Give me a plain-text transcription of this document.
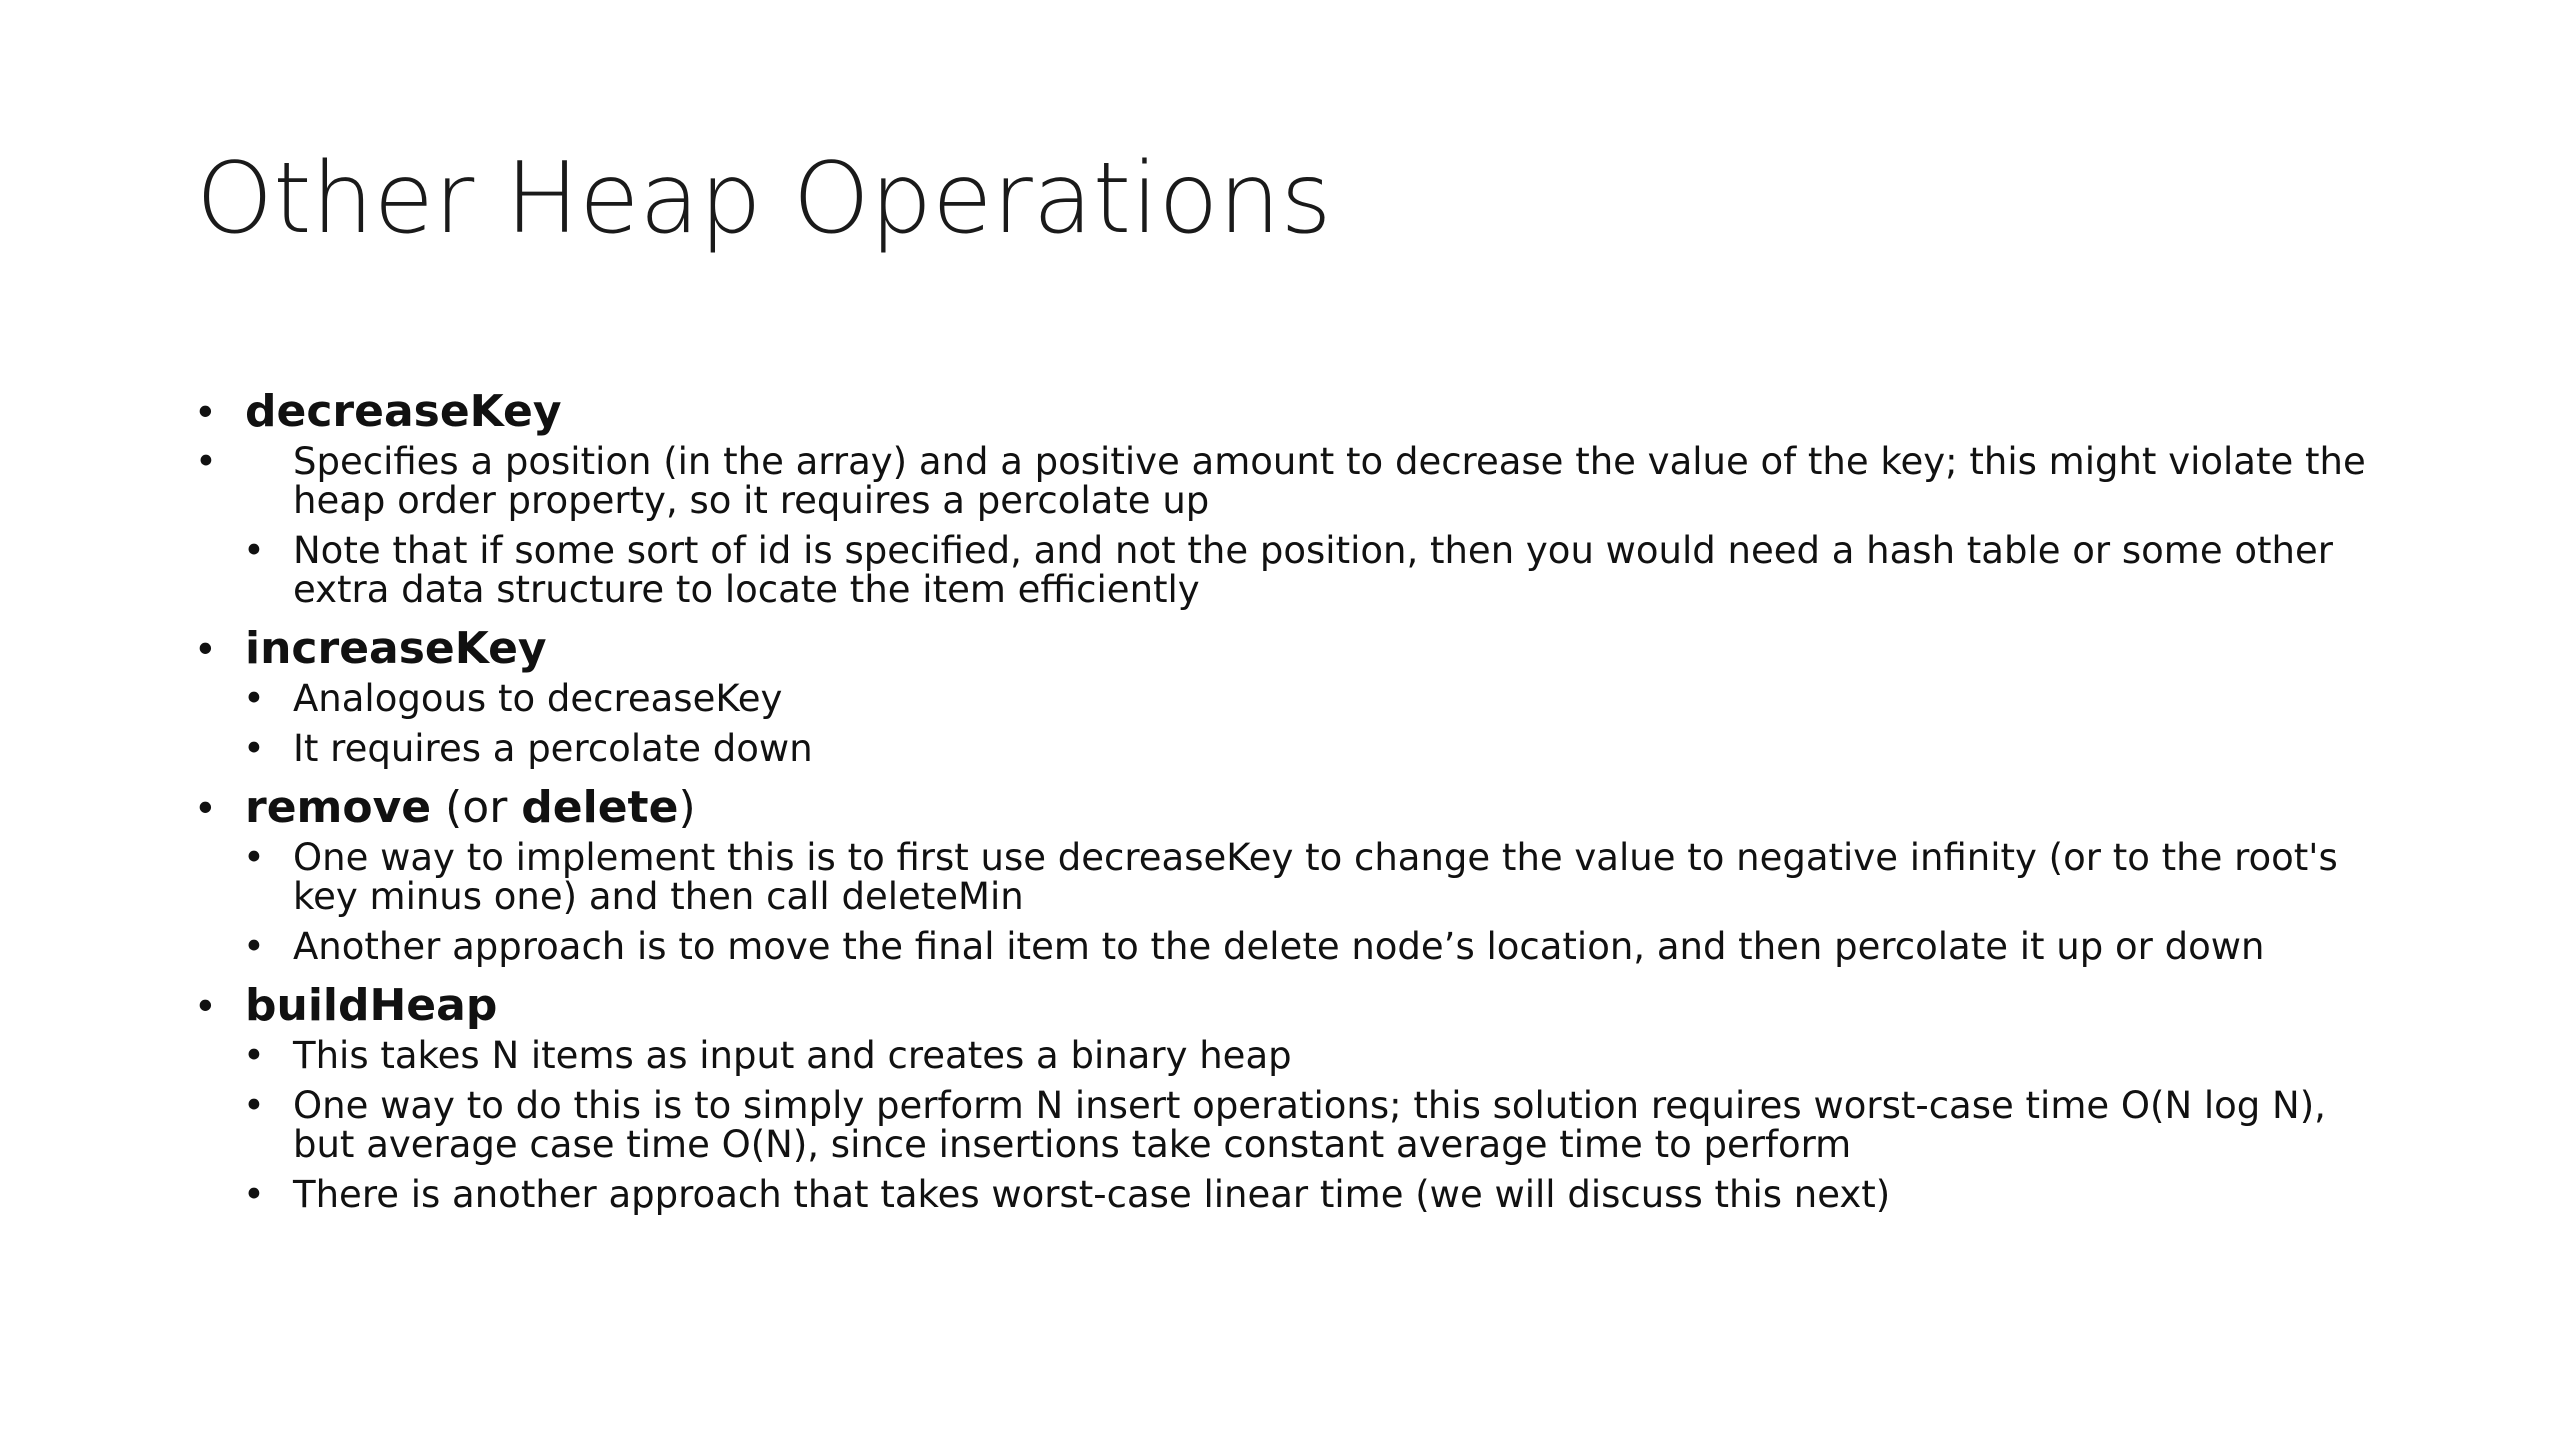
Other Heap Operations
• decreaseKey
•	Specifies a position (in the array) and a positive amount to decrease the value of the key; this might violate the heap order property, so it requires a percolate up
• Note that if some sort of id is specified, and not the position, then you would need a hash table or some other extra data structure to locate the item efficiently
• increaseKey
• Analogous to decreaseKey
• It requires a percolate down
• remove (or delete)
• One way to implement this is to first use decreaseKey to change the value to negative infinity (or to the root's key minus one) and then call deleteMin
• Another approach is to move the final item to the delete node’s location, and then percolate it up or down
• buildHeap
• This takes N items as input and creates a binary heap
• One way to do this is to simply perform N insert operations; this solution requires worst-case time O(N log N), but average case time O(N), since insertions take constant average time to perform
• There is another approach that takes worst-case linear time (we will discuss this next)
